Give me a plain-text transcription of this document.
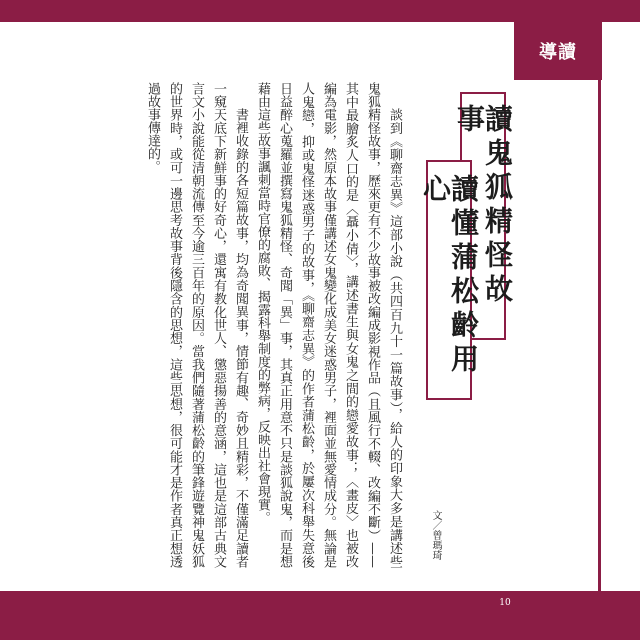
導讀
讀鬼狐精怪故事
讀懂蒲松齡用心

談到《聊齋志異》這部小說（共四百九十一篇故事），給人的印象大多是講述些鬼狐精怪故事，歷來更有不少故事被改編成影視作品（且風行不輟、改編不斷）——其中最膾炙人口的是〈聶小倩〉，講述書生與女鬼之間的戀愛故事；〈畫皮〉也被改編為電影，然原本故事僅講述女鬼變化成美女迷惑男子，裡面並無愛情成分。無論是人鬼戀，抑或鬼怪迷惑男子的故事，《聊齋志異》的作者蒲松齡，於屢次科舉失意後日益醉心蒐羅並撰寫鬼狐精怪、奇聞「異」事，其真正用意不只是談狐說鬼，而是想藉由這些故事諷刺當時官僚的腐敗、揭露科舉制度的弊病，反映出社會現實。

書裡收錄的各短篇故事，均為奇聞異事，情節有趣、奇妙且精彩，不僅滿足讀者一窺天底下新鮮事的好奇心，還寓有教化世人、懲惡揚善的意涵，這也是這部古典文言文小說能從清朝流傳至今逾三百年的原因。當我們隨著蒲松齡的筆鋒遊覽神鬼妖狐的世界時，或可一邊思考故事背後隱含的思想，這些思想，很可能才是作者真正想透過故事傳達的。

文／曾瑪琦
10
